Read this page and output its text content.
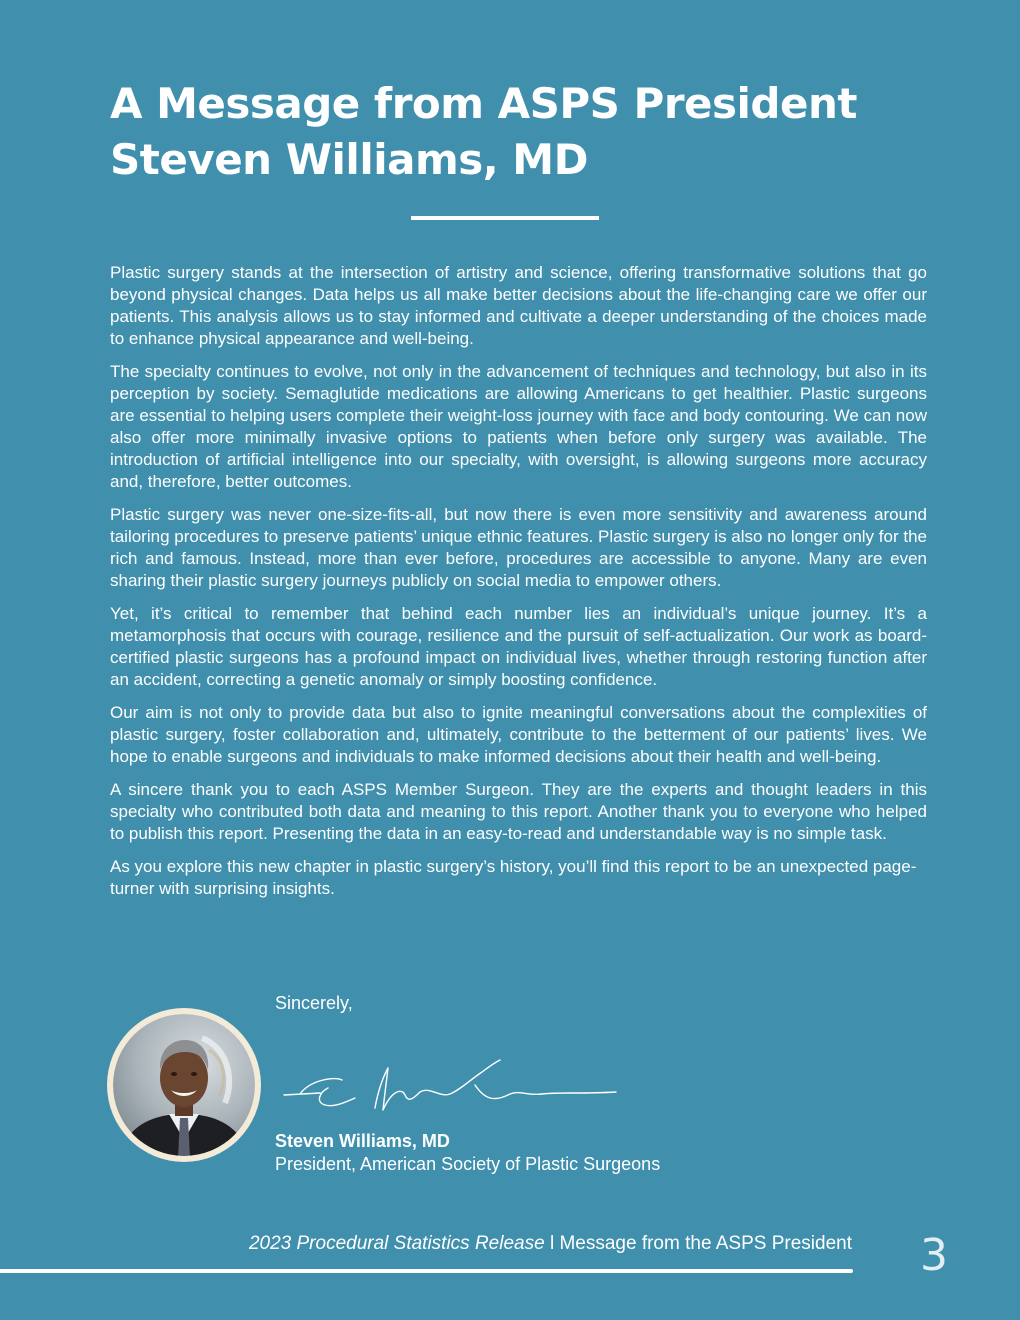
A Message from ASPS President
Steven Williams, MD

Plastic surgery stands at the intersection of artistry and science, offering transformative solutions that go beyond physical changes. Data helps us all make better decisions about the life-changing care we offer our patients. This analysis allows us to stay informed and cultivate a deeper understanding of the choices made to enhance physical appearance and well-being.

The specialty continues to evolve, not only in the advancement of techniques and technology, but also in its perception by society. Semaglutide medications are allowing Americans to get healthier. Plastic surgeons are essential to helping users complete their weight-loss journey with face and body contouring. We can now also offer more minimally invasive options to patients when before only surgery was available. The introduction of artificial intelligence into our specialty, with oversight, is allowing surgeons more accuracy and, therefore, better outcomes.

Plastic surgery was never one-size-fits-all, but now there is even more sensitivity and awareness around tailoring procedures to preserve patients’ unique ethnic features. Plastic surgery is also no longer only for the rich and famous. Instead, more than ever before, procedures are accessible to anyone. Many are even sharing their plastic surgery journeys publicly on social media to empower others.

Yet, it’s critical to remember that behind each number lies an individual’s unique journey. It’s a metamorphosis that occurs with courage, resilience and the pursuit of self-actualization. Our work as board-certified plastic surgeons has a profound impact on individual lives, whether through restoring function after an accident, correcting a genetic anomaly or simply boosting confidence.

Our aim is not only to provide data but also to ignite meaningful conversations about the complexities of plastic surgery, foster collaboration and, ultimately, contribute to the betterment of our patients’ lives. We hope to enable surgeons and individuals to make informed decisions about their health and well-being.

A sincere thank you to each ASPS Member Surgeon. They are the experts and thought leaders in this specialty who contributed both data and meaning to this report. Another thank you to everyone who helped to publish this report. Presenting the data in an easy-to-read and understandable way is no simple task.

As you explore this new chapter in plastic surgery’s history, you’ll find this report to be an unexpected page-turner with surprising insights.

Sincerely,
Steven Williams, MD
President, American Society of Plastic Surgeons
2023 Procedural Statistics Release l Message from the ASPS President 3
